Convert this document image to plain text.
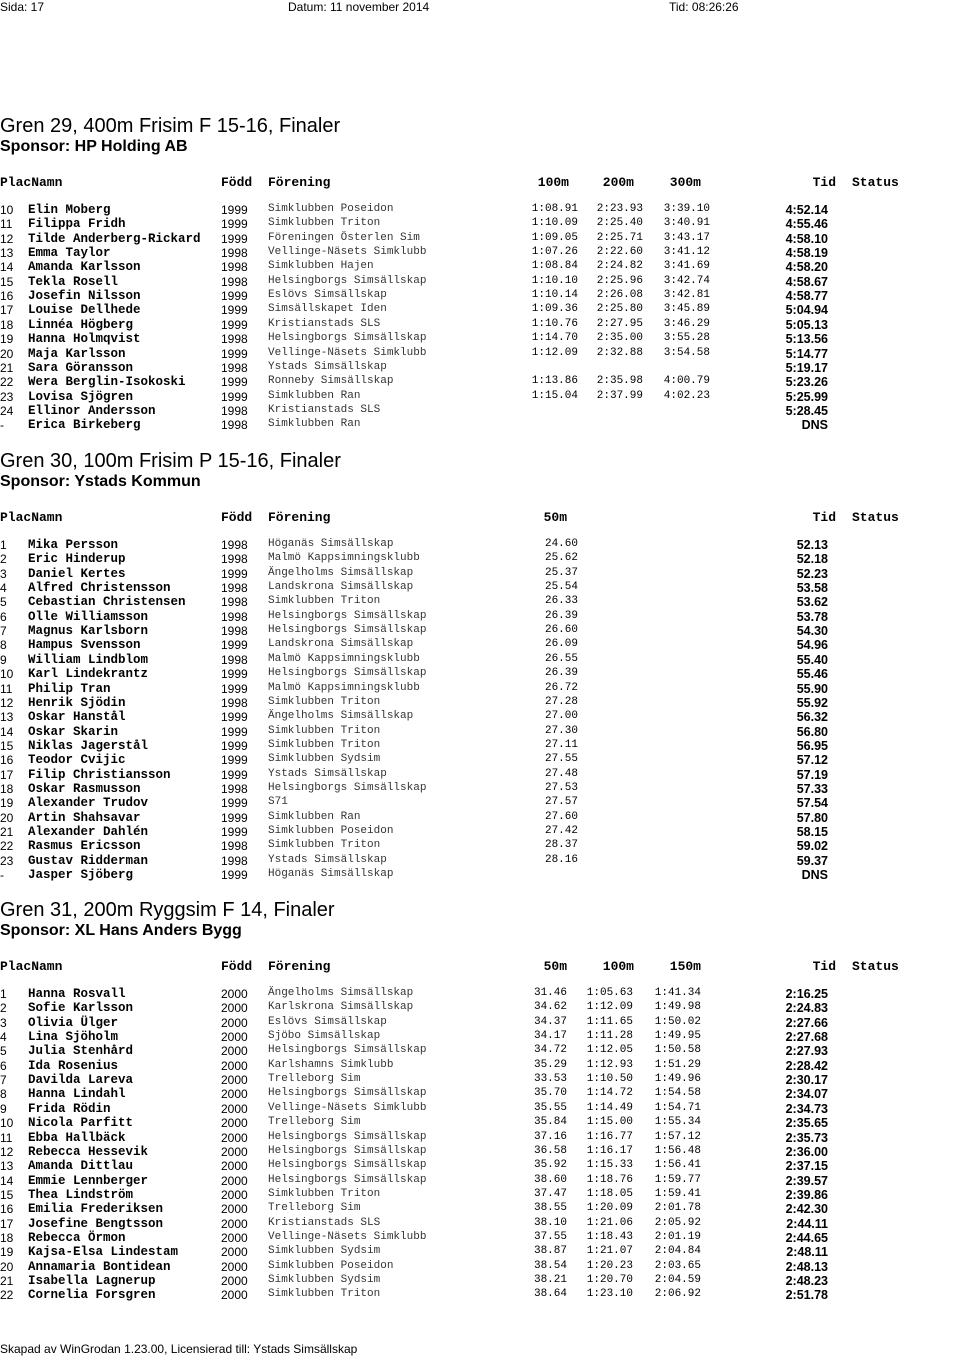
Sida: 17	Datum: 11 november 2014	Tid: 08:26:26
Gren 29, 400m Frisim F 15-16, Finaler
Sponsor: HP Holding AB
PlacNamn	Född Förening	100m	200m	300m	Tid Status
10 Elin Moberg	1999 Simklubben Poseidon	1:08.91 2:23.93 3:39.10	4:52.14
11 Filippa Fridh	1999 Simklubben Triton	1:10.09 2:25.40 3:40.91	4:55.46
12 Tilde Anderberg-Rickard 1999 Föreningen Österlen Sim	1:09.05 2:25.71 3:43.17	4:58.10
13 Emma Taylor	1998 Vellinge-Näsets Simklubb	1:07.26 2:22.60 3:41.12	4:58.19
14 Amanda Karlsson	1998 Simklubben Hajen	1:08.84 2:24.82 3:41.69	4:58.20
15 Tekla Rosell	1998 Helsingborgs Simsällskap	1:10.10 2:25.96 3:42.74	4:58.67
16 Josefin Nilsson	1999 Eslövs Simsällskap	1:10.14 2:26.08 3:42.81	4:58.77
17 Louise Dellhede	1999 Simsällskapet Iden	1:09.36 2:25.80 3:45.89	5:04.94
18 Linnéa Högberg	1999 Kristianstads SLS	1:10.76 2:27.95 3:46.29	5:05.13
19 Hanna Holmqvist	1998 Helsingborgs Simsällskap	1:14.70 2:35.00 3:55.28	5:13.56
20 Maja Karlsson	1999 Vellinge-Näsets Simklubb	1:12.09 2:32.88 3:54.58	5:14.77
21 Sara Göransson	1998 Ystads Simsällskap	5:19.17
22 Wera Berglin-Isokoski	1999 Ronneby Simsällskap	1:13.86 2:35.98 4:00.79	5:23.26
23 Lovisa Sjögren	1999 Simklubben Ran	1:15.04 2:37.99 4:02.23	5:25.99
24 Ellinor Andersson	1998 Kristianstads SLS	5:28.45
- Erica Birkeberg	1998 Simklubben Ran	DNS
Gren 30, 100m Frisim P 15-16, Finaler
Sponsor: Ystads Kommun
PlacNamn	Född Förening	50m	Tid Status
1 Mika Persson	1998 Höganäs Simsällskap	24.60	52.13
2 Eric Hinderup	1998 Malmö Kappsimningsklubb	25.62	52.18
3 Daniel Kertes	1999 Ängelholms Simsällskap	25.37	52.23
4 Alfred Christensson	1998 Landskrona Simsällskap	25.54	53.58
5 Cebastian Christensen	1998 Simklubben Triton	26.33	53.62
6 Olle Williamsson	1998 Helsingborgs Simsällskap	26.39	53.78
7 Magnus Karlsborn	1998 Helsingborgs Simsällskap	26.60	54.30
8 Hampus Svensson	1999 Landskrona Simsällskap	26.09	54.96
9 William Lindblom	1998 Malmö Kappsimningsklubb	26.55	55.40
10 Karl Lindekrantz	1999 Helsingborgs Simsällskap	26.39	55.46
11 Philip Tran	1999 Malmö Kappsimningsklubb	26.72	55.90
12 Henrik Sjödin	1998 Simklubben Triton	27.28	55.92
13 Oskar Hanstål	1999 Ängelholms Simsällskap	27.00	56.32
14 Oskar Skarin	1999 Simklubben Triton	27.30	56.80
15 Niklas Jagerstål	1999 Simklubben Triton	27.11	56.95
16 Teodor Cvijic	1999 Simklubben Sydsim	27.55	57.12
17 Filip Christiansson	1999 Ystads Simsällskap	27.48	57.19
18 Oskar Rasmusson	1998 Helsingborgs Simsällskap	27.53	57.33
19 Alexander Trudov	1999 S71	27.57	57.54
20 Artin Shahsavar	1999 Simklubben Ran	27.60	57.80
21 Alexander Dahlén	1999 Simklubben Poseidon	27.42	58.15
22 Rasmus Ericsson	1998 Simklubben Triton	28.37	59.02
23 Gustav Ridderman	1998 Ystads Simsällskap	28.16	59.37
- Jasper Sjöberg	1999 Höganäs Simsällskap	DNS
Gren 31, 200m Ryggsim F 14, Finaler
Sponsor: XL Hans Anders Bygg
PlacNamn	Född Förening	50m	100m	150m	Tid Status
1 Hanna Rosvall	2000 Ängelholms Simsällskap	31.46 1:05.63 1:41.34	2:16.25
2 Sofie Karlsson	2000 Karlskrona Simsällskap	34.62 1:12.09 1:49.98	2:24.83
3 Olivia Ülger	2000 Eslövs Simsällskap	34.37 1:11.65 1:50.02	2:27.66
4 Lina Sjöholm	2000 Sjöbo Simsällskap	34.17 1:11.28 1:49.95	2:27.68
5 Julia Stenhård	2000 Helsingborgs Simsällskap	34.72 1:12.05 1:50.58	2:27.93
6 Ida Rosenius	2000 Karlshamns Simklubb	35.29 1:12.93 1:51.29	2:28.42
7 Davilda Lareva	2000 Trelleborg Sim	33.53 1:10.50 1:49.96	2:30.17
8 Hanna Lindahl	2000 Helsingborgs Simsällskap	35.70 1:14.72 1:54.58	2:34.07
9 Frida Rödin	2000 Vellinge-Näsets Simklubb	35.55 1:14.49 1:54.71	2:34.73
10 Nicola Parfitt	2000 Trelleborg Sim	35.84 1:15.00 1:55.34	2:35.65
11 Ebba Hallbäck	2000 Helsingborgs Simsällskap	37.16 1:16.77 1:57.12	2:35.73
12 Rebecca Hessevik	2000 Helsingborgs Simsällskap	36.58 1:16.17 1:56.48	2:36.00
13 Amanda Dittlau	2000 Helsingborgs Simsällskap	35.92 1:15.33 1:56.41	2:37.15
14 Emmie Lennberger	2000 Helsingborgs Simsällskap	38.60 1:18.76 1:59.77	2:39.57
15 Thea Lindström	2000 Simklubben Triton	37.47 1:18.05 1:59.41	2:39.86
16 Emilia Frederiksen	2000 Trelleborg Sim	38.55 1:20.09 2:01.78	2:42.30
17 Josefine Bengtsson	2000 Kristianstads SLS	38.10 1:21.06 2:05.92	2:44.11
18 Rebecca Örmon	2000 Vellinge-Näsets Simklubb	37.55 1:18.43 2:01.19	2:44.65
19 Kajsa-Elsa Lindestam	2000 Simklubben Sydsim	38.87 1:21.07 2:04.84	2:48.11
20 Annamaria Bontidean	2000 Simklubben Poseidon	38.54 1:20.23 2:03.65	2:48.13
21 Isabella Lagnerup	2000 Simklubben Sydsim	38.21 1:20.70 2:04.59	2:48.23
22 Cornelia Forsgren	2000 Simklubben Triton	38.64 1:23.10 2:06.92	2:51.78
Skapad av WinGrodan 1.23.00, Licensierad till: Ystads Simsällskap
